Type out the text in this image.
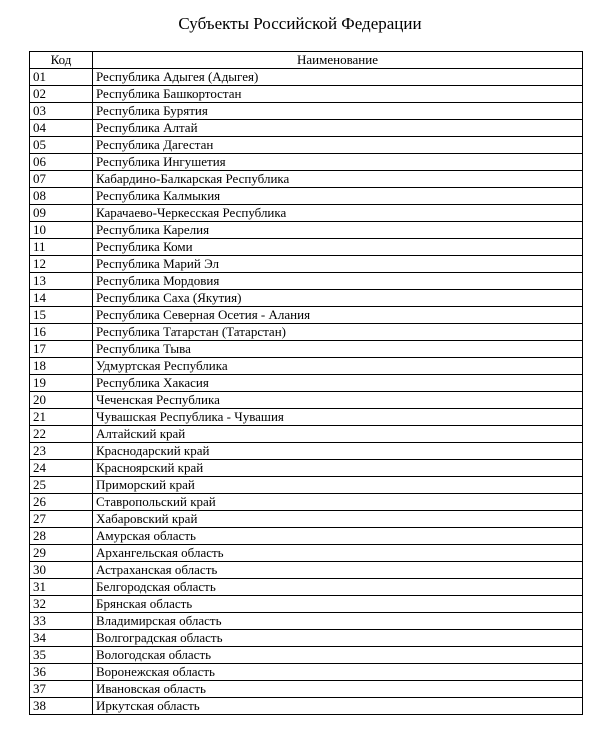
Субъекты Российской Федерации
Код	Наименование
01	Республика Адыгея (Адыгея)
02	Республика Башкортостан
03	Республика Бурятия
04	Республика Алтай
05	Республика Дагестан
06	Республика Ингушетия
07	Кабардино-Балкарская Республика
08	Республика Калмыкия
09	Карачаево-Черкесская Республика
10	Республика Карелия
11	Республика Коми
12	Республика Марий Эл
13	Республика Мордовия
14	Республика Саха (Якутия)
15	Республика Северная Осетия - Алания
16	Республика Татарстан (Татарстан)
17	Республика Тыва
18	Удмуртская Республика
19	Республика Хакасия
20	Чеченская Республика
21	Чувашская Республика - Чувашия
22	Алтайский край
23	Краснодарский край
24	Красноярский край
25	Приморский край
26	Ставропольский край
27	Хабаровский край
28	Амурская область
29	Архангельская область
30	Астраханская область
31	Белгородская область
32	Брянская область
33	Владимирская область
34	Волгоградская область
35	Вологодская область
36	Воронежская область
37	Ивановская область
38	Иркутская область
